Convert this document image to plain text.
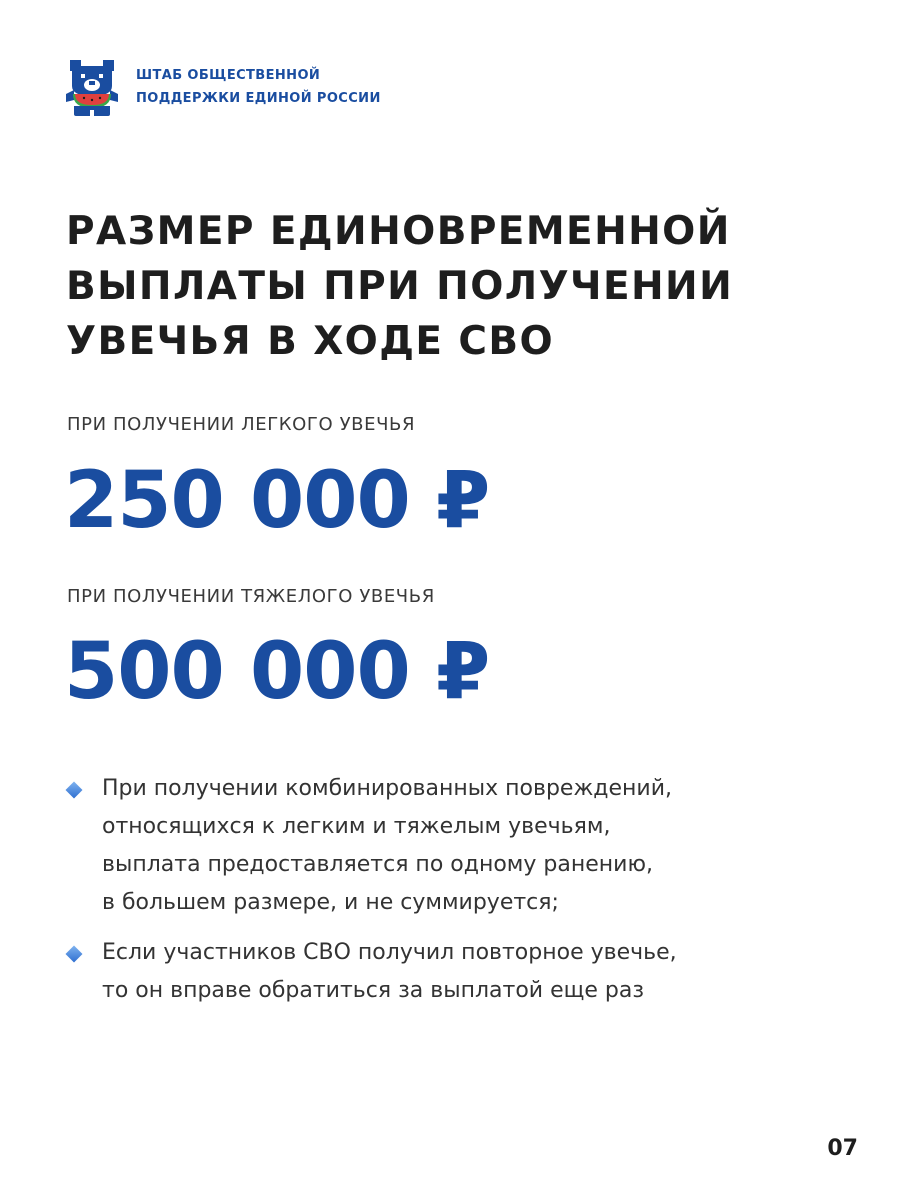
ШТАБ ОБЩЕСТВЕННОЙ
ПОДДЕРЖКИ ЕДИНОЙ РОССИИ
РАЗМЕР ЕДИНОВРЕМЕННОЙ
ВЫПЛАТЫ ПРИ ПОЛУЧЕНИИ
УВЕЧЬЯ В ХОДЕ СВО
ПРИ ПОЛУЧЕНИИ ЛЕГКОГО УВЕЧЬЯ
250 000 ₽
ПРИ ПОЛУЧЕНИИ ТЯЖЕЛОГО УВЕЧЬЯ
500 000 ₽
При получении комбинированных повреждений,
относящихся к легким и тяжелым увечьям,
выплата предоставляется по одному ранению,
в большем размере, и не суммируется;
Если участников СВО получил повторное увечье,
то он вправе обратиться за выплатой еще раз
07
